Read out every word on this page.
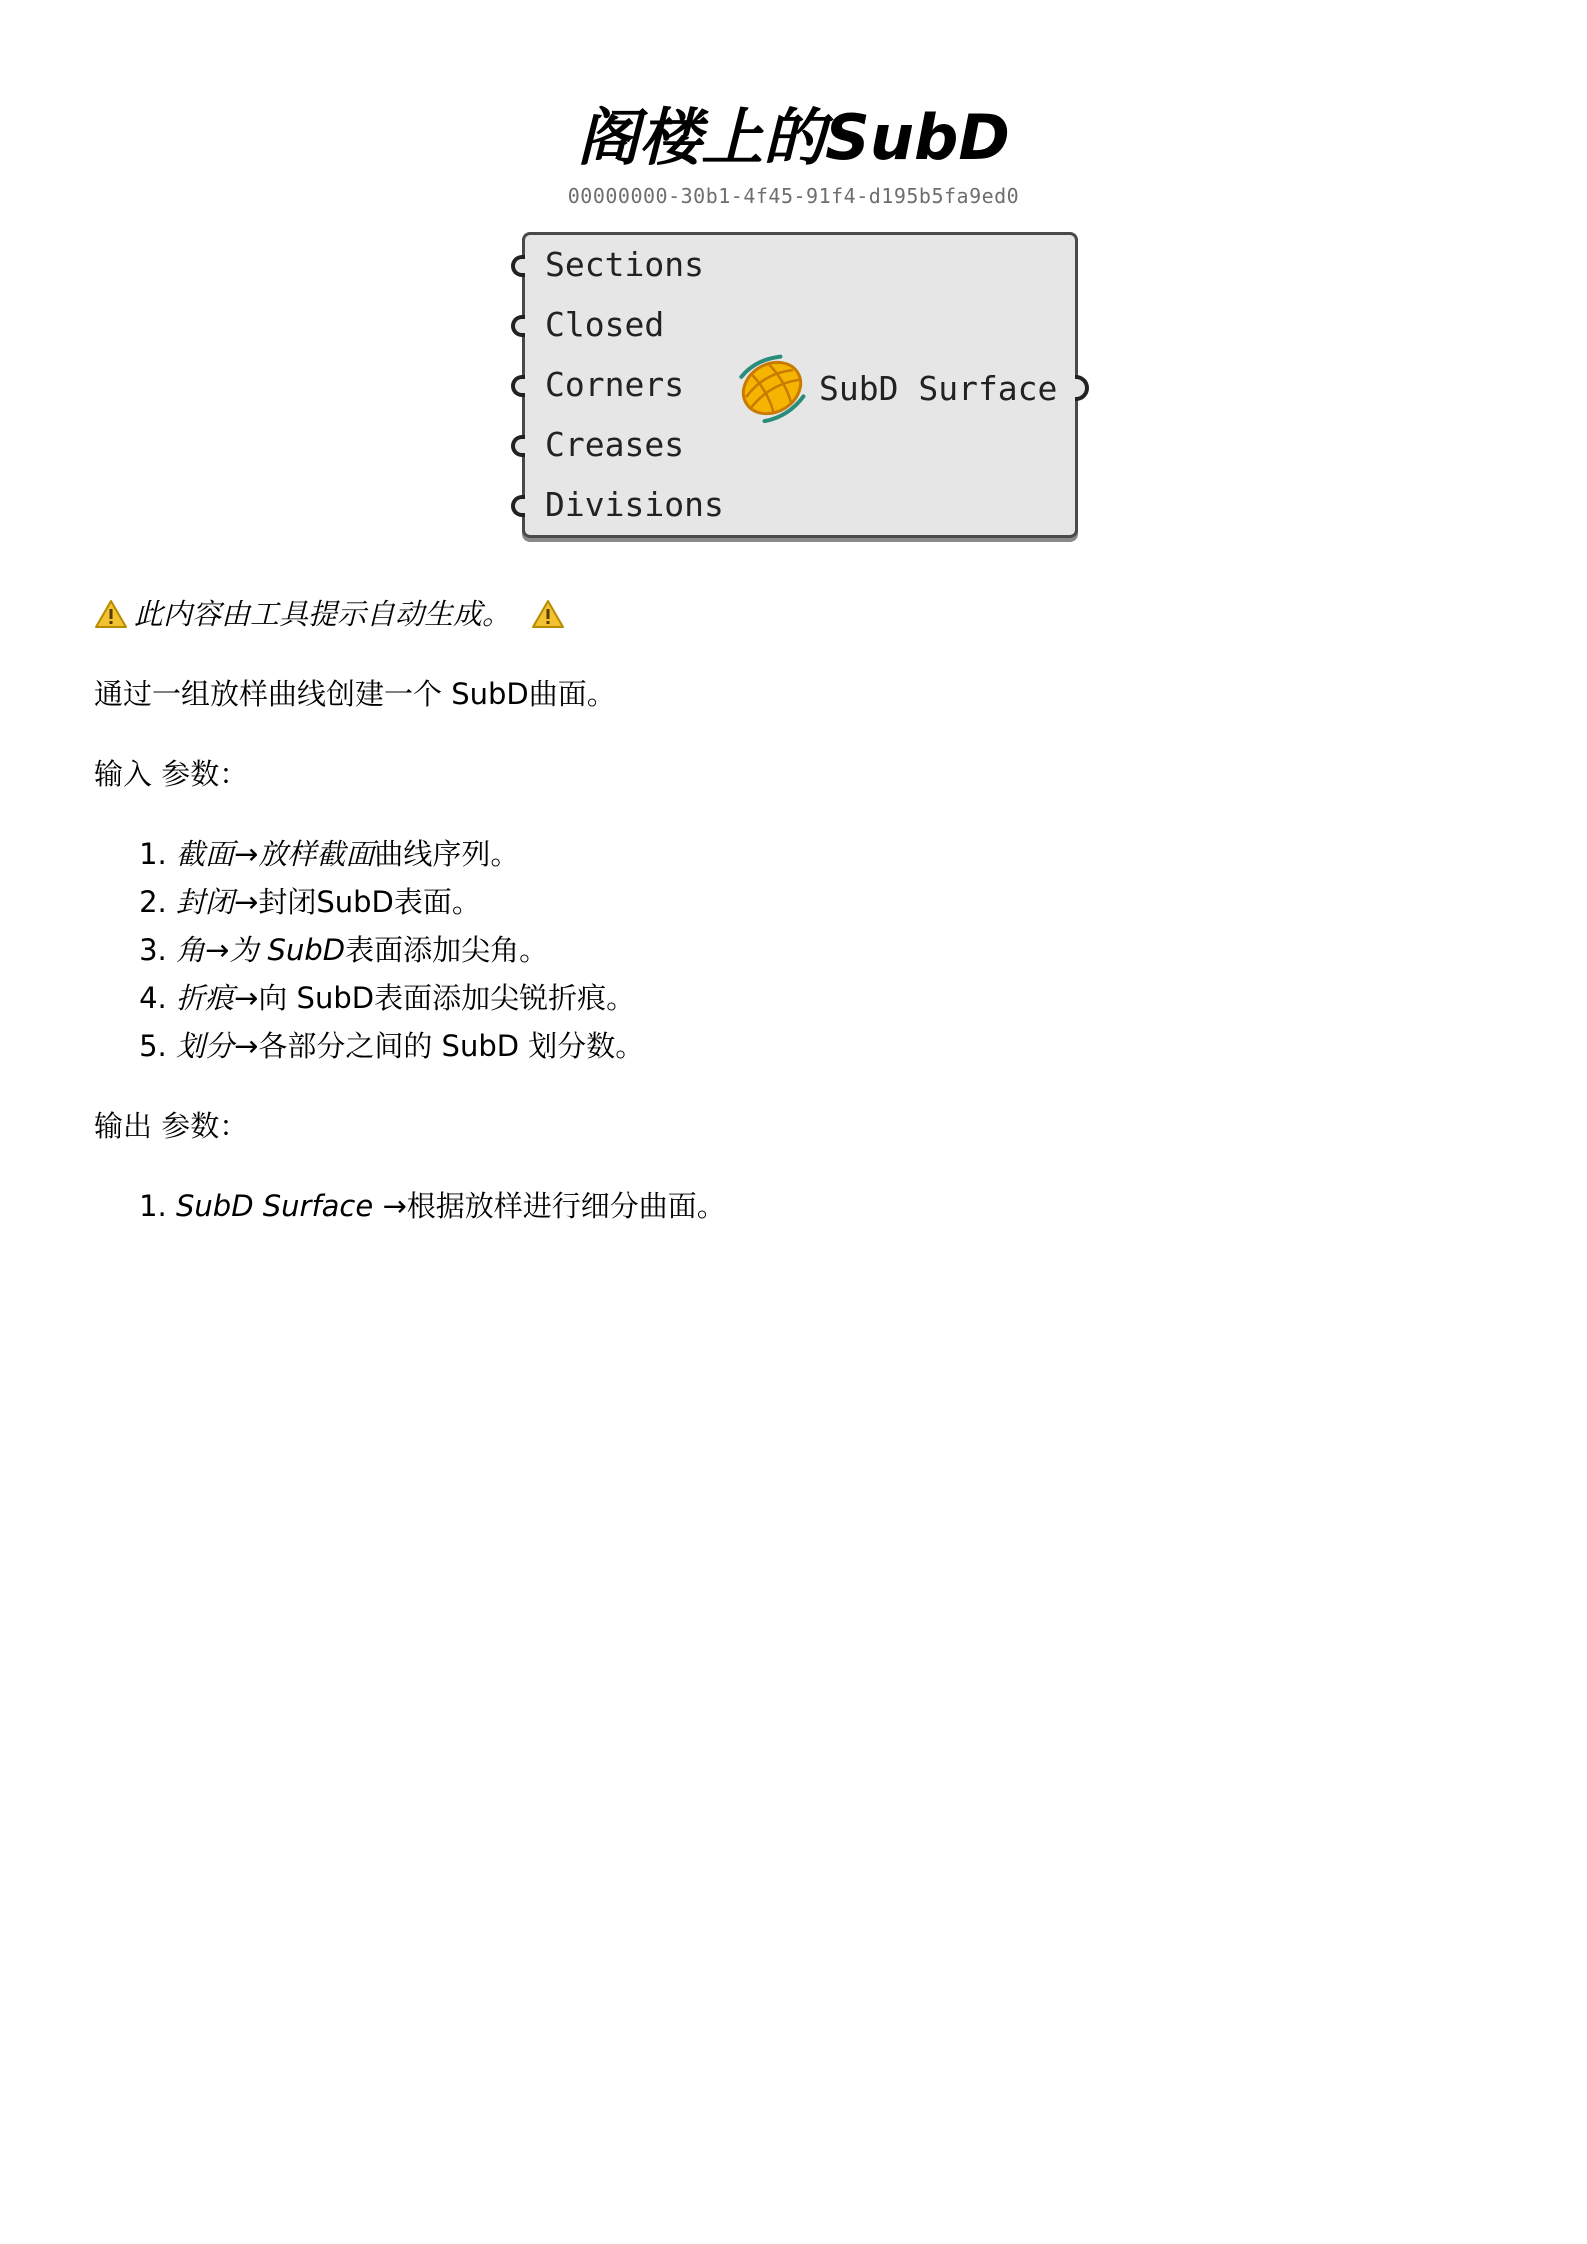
阁楼上的SubD
00000000-30b1-4f45-91f4-d195b5fa9ed0
Sections
Closed
Corners
Creases
Divisions
SubD Surface

此内容由工具提示自动生成。

通过一组放样曲线创建一个 SubD曲面。

输入 参数：

1. 截面→放样截面曲线序列。
2. 封闭→封闭SubD表面。
3. 角→为 SubD表面添加尖角。
4. 折痕→向 SubD表面添加尖锐折痕。
5. 划分→各部分之间的 SubD 划分数。

输出 参数：

1. SubD Surface →根据放样进行细分曲面。
